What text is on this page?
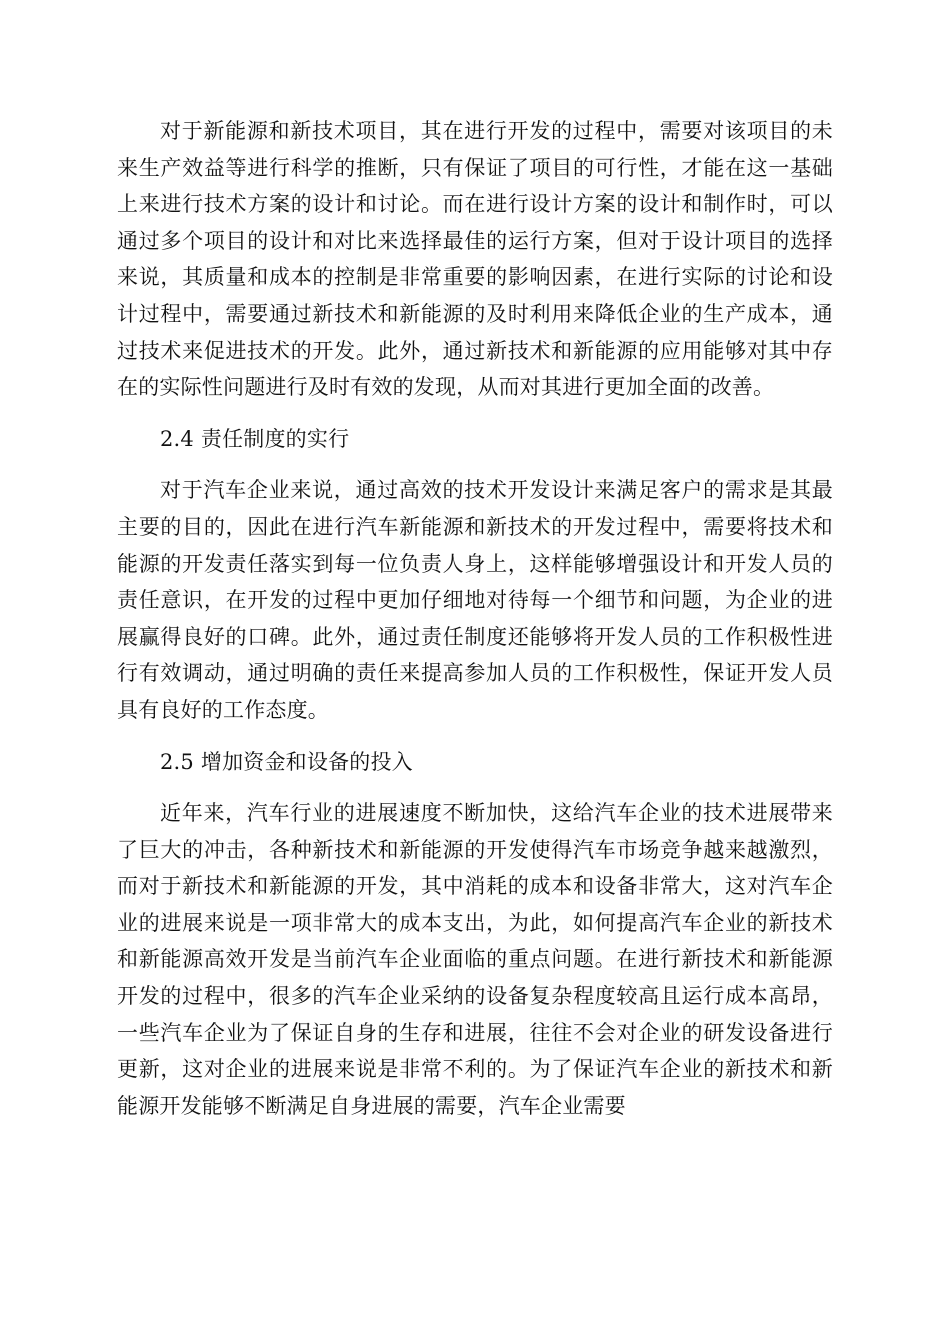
对于新能源和新技术项目，其在进行开发的过程中，需要对该项目的未来生产效益等进行科学的推断，只有保证了项目的可行性，才能在这一基础上来进行技术方案的设计和讨论。而在进行设计方案的设计和制作时，可以通过多个项目的设计和对比来选择最佳的运行方案，但对于设计项目的选择来说，其质量和成本的控制是非常重要的影响因素，在进行实际的讨论和设计过程中，需要通过新技术和新能源的及时利用来降低企业的生产成本，通过技术来促进技术的开发。此外，通过新技术和新能源的应用能够对其中存在的实际性问题进行及时有效的发现，从而对其进行更加全面的改善。

2.4 责任制度的实行

对于汽车企业来说，通过高效的技术开发设计来满足客户的需求是其最主要的目的，因此在进行汽车新能源和新技术的开发过程中，需要将技术和能源的开发责任落实到每一位负责人身上，这样能够增强设计和开发人员的责任意识，在开发的过程中更加仔细地对待每一个细节和问题，为企业的进展赢得良好的口碑。此外，通过责任制度还能够将开发人员的工作积极性进行有效调动，通过明确的责任来提高参加人员的工作积极性，保证开发人员具有良好的工作态度。

2.5 增加资金和设备的投入

近年来，汽车行业的进展速度不断加快，这给汽车企业的技术进展带来了巨大的冲击，各种新技术和新能源的开发使得汽车市场竞争越来越激烈，而对于新技术和新能源的开发，其中消耗的成本和设备非常大，这对汽车企业的进展来说是一项非常大的成本支出，为此，如何提高汽车企业的新技术和新能源高效开发是当前汽车企业面临的重点问题。在进行新技术和新能源开发的过程中，很多的汽车企业采纳的设备复杂程度较高且运行成本高昂，一些汽车企业为了保证自身的生存和进展，往往不会对企业的研发设备进行更新，这对企业的进展来说是非常不利的。为了保证汽车企业的新技术和新能源开发能够不断满足自身进展的需要，汽车企业需要
